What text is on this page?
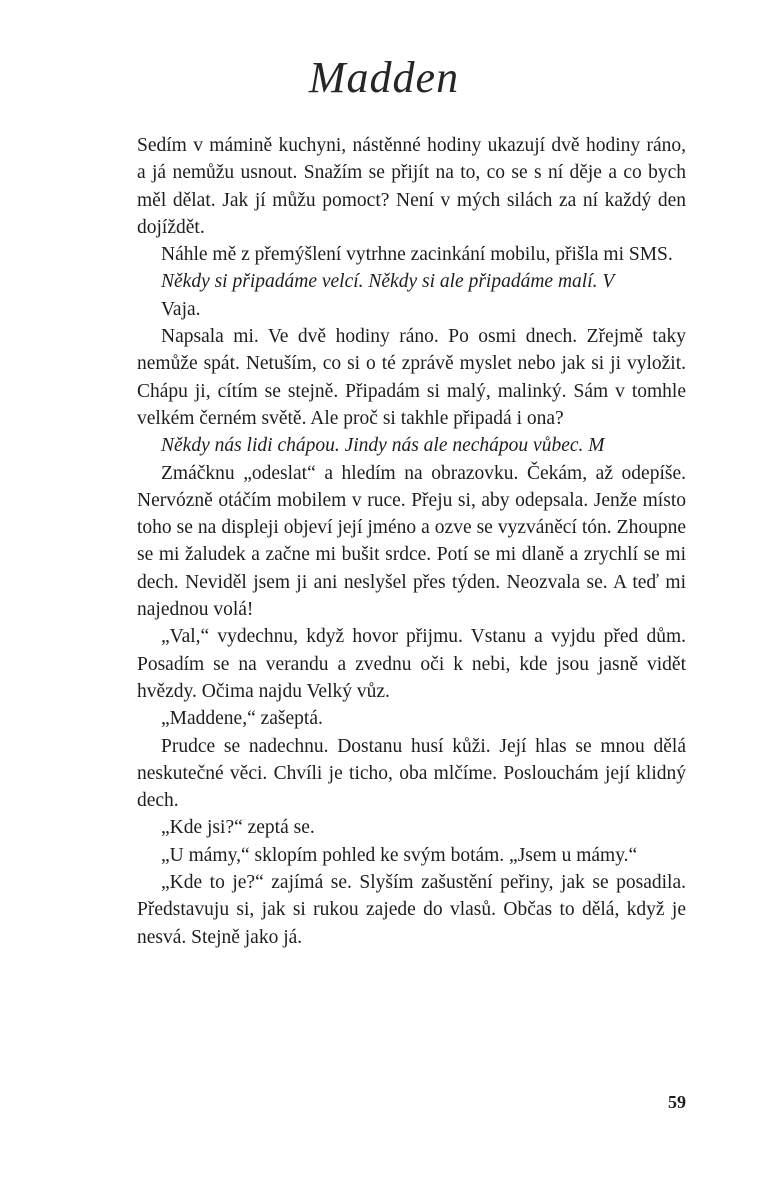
Madden

Sedím v mámině kuchyni, nástěnné hodiny ukazují dvě hodiny ráno, a já nemůžu usnout. Snažím se přijít na to, co se s ní děje a co bych měl dělat. Jak jí můžu pomoct? Není v mých silách za ní každý den dojíždět.

Náhle mě z přemýšlení vytrhne zacinkání mobilu, přišla mi SMS.

Někdy si připadáme velcí. Někdy si ale připadáme malí. V

Vaja.

Napsala mi. Ve dvě hodiny ráno. Po osmi dnech. Zřejmě taky nemůže spát. Netuším, co si o té zprávě myslet nebo jak si ji vyložit. Chápu ji, cítím se stejně. Připadám si malý, malinký. Sám v tomhle velkém černém světě. Ale proč si takhle připadá i ona?

Někdy nás lidi chápou. Jindy nás ale nechápou vůbec. M

Zmáčknu „odeslat“ a hledím na obrazovku. Čekám, až odepíše. Nervózně otáčím mobilem v ruce. Přeju si, aby odepsala. Jenže místo toho se na displeji objeví její jméno a ozve se vyzváněcí tón. Zhoupne se mi žaludek a začne mi bušit srdce. Potí se mi dlaně a zrychlí se mi dech. Neviděl jsem ji ani neslyšel přes týden. Neozvala se. A teď mi najednou volá!

„Val,“ vydechnu, když hovor přijmu. Vstanu a vyjdu před dům. Posadím se na verandu a zvednu oči k nebi, kde jsou jasně vidět hvězdy. Očima najdu Velký vůz.

„Maddene,“ zašeptá.

Prudce se nadechnu. Dostanu husí kůži. Její hlas se mnou dělá neskutečné věci. Chvíli je ticho, oba mlčíme. Poslouchám její klidný dech.

„Kde jsi?“ zeptá se.

„U mámy,“ sklopím pohled ke svým botám. „Jsem u mámy.“

„Kde to je?“ zajímá se. Slyším zašustění peřiny, jak se posadila. Představuju si, jak si rukou zajede do vlasů. Občas to dělá, když je nesvá. Stejně jako já.

59
